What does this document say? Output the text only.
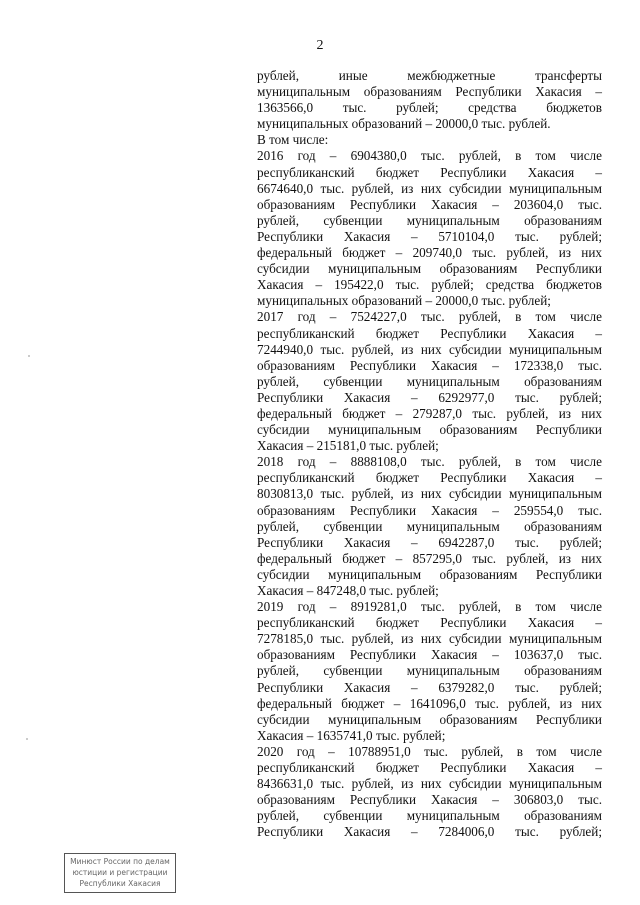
2
рублей, иные межбюджетные трансферты
муниципальным образованиям Республики Хакасия –
1363566,0 тыс. рублей; средства бюджетов
муниципальных образований – 20000,0 тыс. рублей.
В том числе:
2016 год – 6904380,0 тыс. рублей, в том числе
республиканский бюджет Республики Хакасия –
6674640,0 тыс. рублей, из них субсидии муниципальным
образованиям Республики Хакасия – 203604,0 тыс.
рублей, субвенции муниципальным образованиям
Республики Хакасия – 5710104,0 тыс. рублей;
федеральный бюджет – 209740,0 тыс. рублей, из них
субсидии муниципальным образованиям Республики
Хакасия – 195422,0 тыс. рублей; средства бюджетов
муниципальных образований – 20000,0 тыс. рублей;
2017 год – 7524227,0 тыс. рублей, в том числе
республиканский бюджет Республики Хакасия –
7244940,0 тыс. рублей, из них субсидии муниципальным
образованиям Республики Хакасия – 172338,0 тыс.
рублей, субвенции муниципальным образованиям
Республики Хакасия – 6292977,0 тыс. рублей;
федеральный бюджет – 279287,0 тыс. рублей, из них
субсидии муниципальным образованиям Республики
Хакасия – 215181,0 тыс. рублей;
2018 год – 8888108,0 тыс. рублей, в том числе
республиканский бюджет Республики Хакасия –
8030813,0 тыс. рублей, из них субсидии муниципальным
образованиям Республики Хакасия – 259554,0 тыс.
рублей, субвенции муниципальным образованиям
Республики Хакасия – 6942287,0 тыс. рублей;
федеральный бюджет – 857295,0 тыс. рублей, из них
субсидии муниципальным образованиям Республики
Хакасия – 847248,0 тыс. рублей;
2019 год – 8919281,0 тыс. рублей, в том числе
республиканский бюджет Республики Хакасия –
7278185,0 тыс. рублей, из них субсидии муниципальным
образованиям Республики Хакасия – 103637,0 тыс.
рублей, субвенции муниципальным образованиям
Республики Хакасия – 6379282,0 тыс. рублей;
федеральный бюджет – 1641096,0 тыс. рублей, из них
субсидии муниципальным образованиям Республики
Хакасия – 1635741,0 тыс. рублей;
2020 год – 10788951,0 тыс. рублей, в том числе
республиканский бюджет Республики Хакасия –
8436631,0 тыс. рублей, из них субсидии муниципальным
образованиям Республики Хакасия – 306803,0 тыс.
рублей, субвенции муниципальным образованиям
Республики Хакасия – 7284006,0 тыс. рублей;
Минюст России по делам
юстиции и регистрации
Республики Хакасия
